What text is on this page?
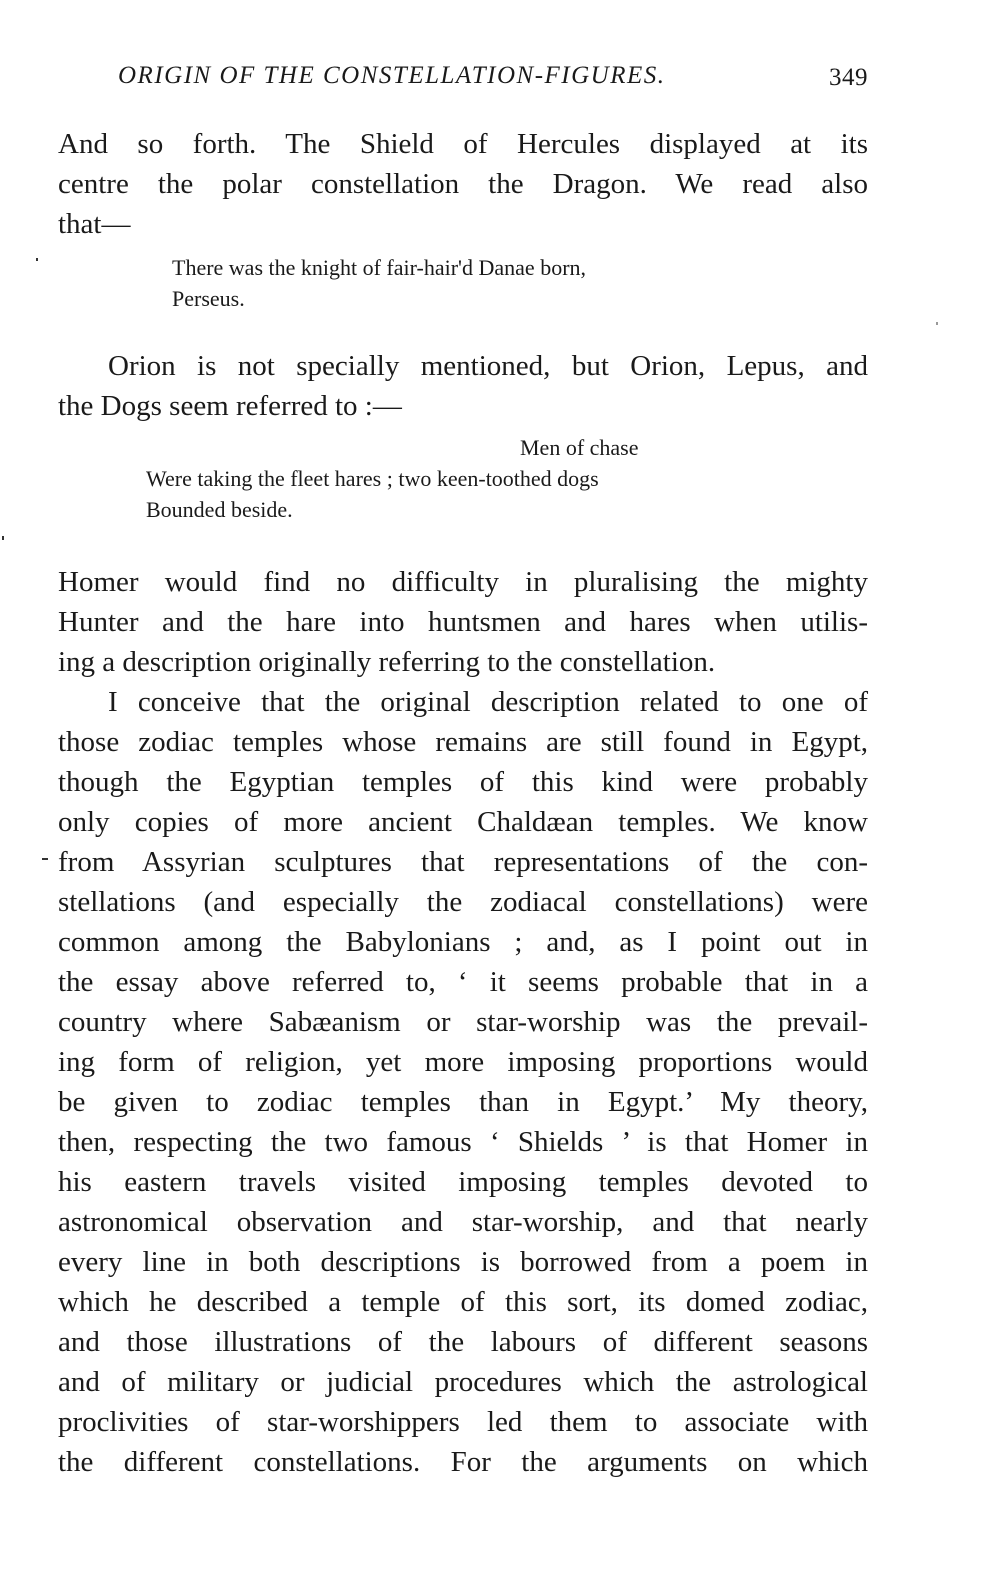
ORIGIN OF THE CONSTELLATION-FIGURES.	349
And so forth. The Shield of Hercules displayed at its
centre the polar constellation the Dragon. We read also
that—
There was the knight of fair-hair'd Danae born,
Perseus.
Orion is not specially mentioned, but Orion, Lepus, and
the Dogs seem referred to :—
Men of chase
Were taking the fleet hares ; two keen-toothed dogs
Bounded beside.
Homer would find no difficulty in pluralising the mighty
Hunter and the hare into huntsmen and hares when utilis-
ing a description originally referring to the constellation.
I conceive that the original description related to one of
those zodiac temples whose remains are still found in Egypt,
though the Egyptian temples of this kind were probably
only copies of more ancient Chaldæan temples. We know
from Assyrian sculptures that representations of the con-
stellations (and especially the zodiacal constellations) were
common among the Babylonians ; and, as I point out in
the essay above referred to, ‘ it seems probable that in a
country where Sabæanism or star-worship was the prevail-
ing form of religion, yet more imposing proportions would
be given to zodiac temples than in Egypt.’ My theory,
then, respecting the two famous ‘ Shields ’ is that Homer in
his eastern travels visited imposing temples devoted to
astronomical observation and star-worship, and that nearly
every line in both descriptions is borrowed from a poem in
which he described a temple of this sort, its domed zodiac,
and those illustrations of the labours of different seasons
and of military or judicial procedures which the astrological
proclivities of star-worshippers led them to associate with
the different constellations. For the arguments on which
